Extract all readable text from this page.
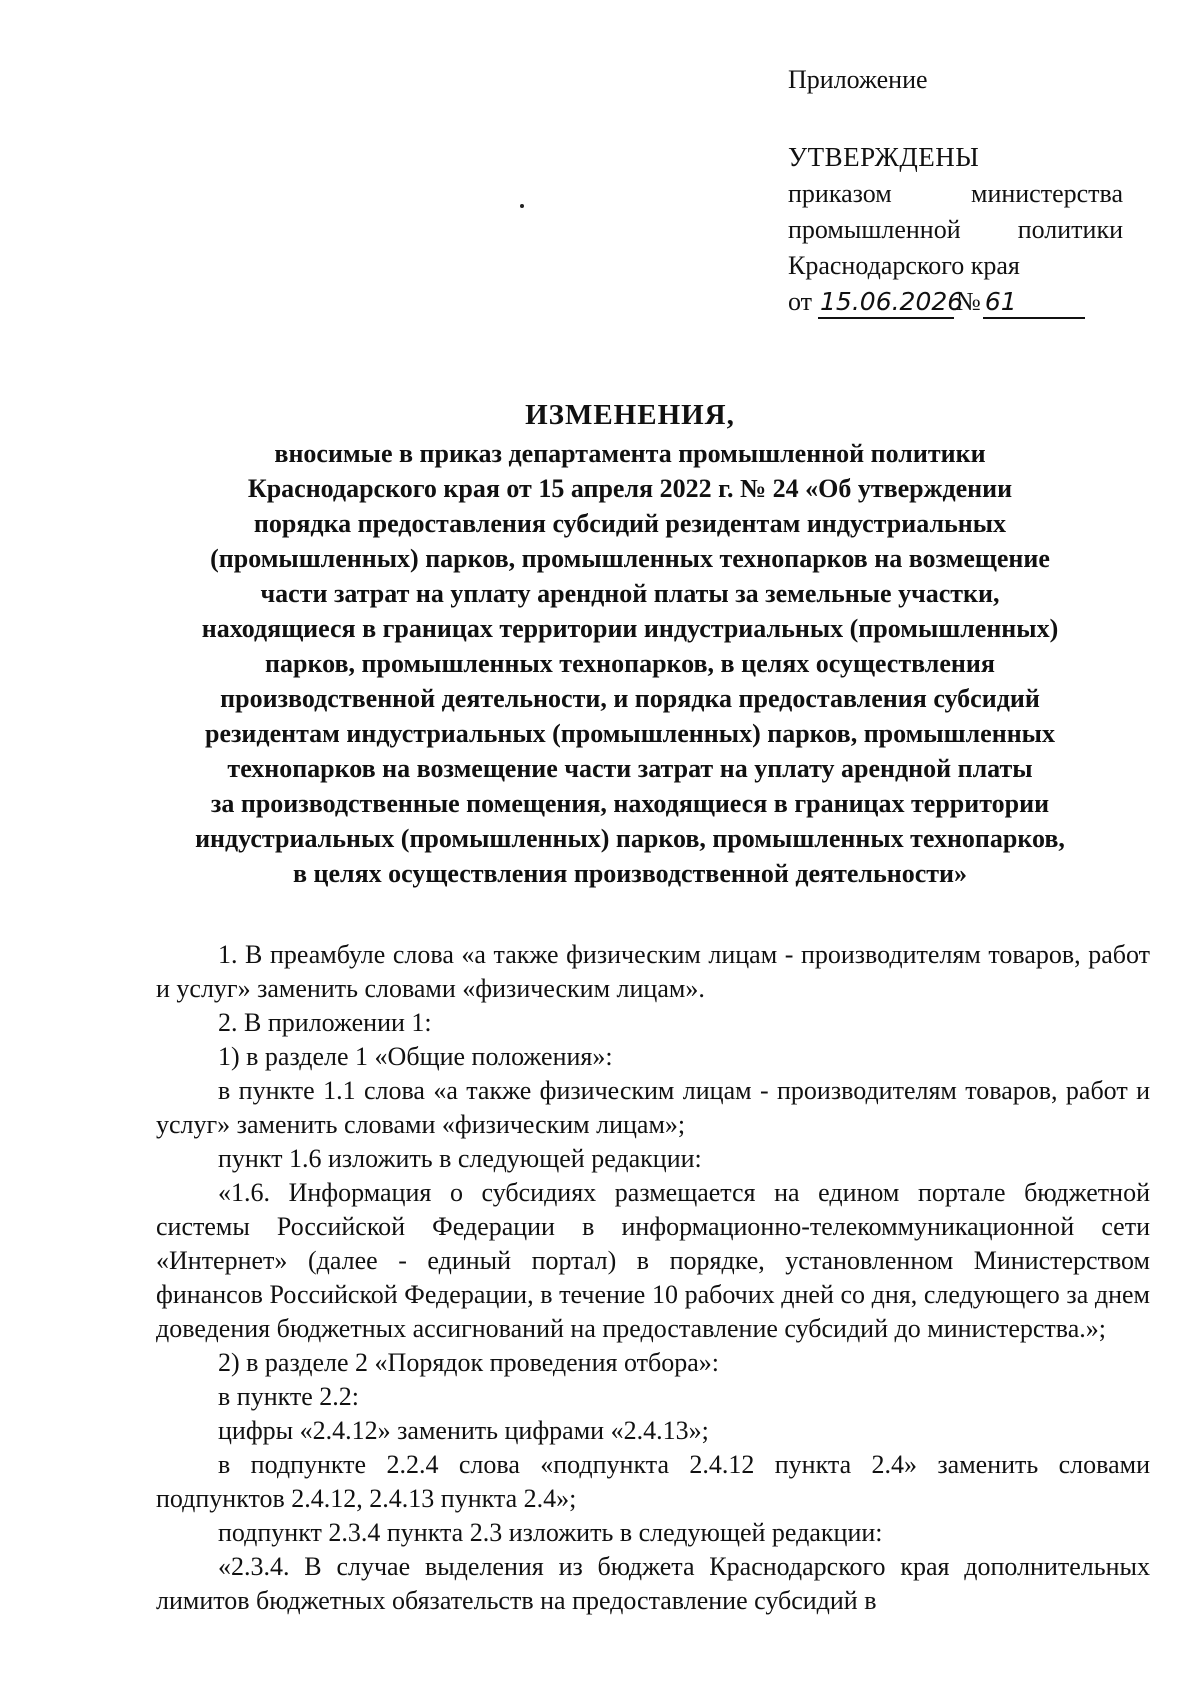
Приложение
УТВЕРЖДЕНЫ
приказом	министерства
промышленной политики
Краснодарского края
от 15.06.2026
№ 61
ИЗМЕНЕНИЯ,
вносимые в приказ департамента промышленной политики
Краснодарского края от 15 апреля 2022 г. № 24 «Об утверждении
порядка предоставления субсидий резидентам индустриальных
(промышленных) парков, промышленных технопарков на возмещение
части затрат на уплату арендной платы за земельные участки,
находящиеся в границах территории индустриальных (промышленных)
парков, промышленных технопарков, в целях осуществления
производственной деятельности, и порядка предоставления субсидий
резидентам индустриальных (промышленных) парков, промышленных
технопарков на возмещение части затрат на уплату арендной платы
за производственные помещения, находящиеся в границах территории
индустриальных (промышленных) парков, промышленных технопарков,
в целях осуществления производственной деятельности»

1. В преамбуле слова «а также физическим лицам - производителям товаров, работ и услуг» заменить словами «физическим лицам».

2. В приложении 1:

1) в разделе 1 «Общие положения»:

в пункте 1.1 слова «а также физическим лицам - производителям товаров, работ и услуг» заменить словами «физическим лицам»;

пункт 1.6 изложить в следующей редакции:

«1.6. Информация о субсидиях размещается на едином портале бюджетной системы Российской Федерации в информационно-телекоммуникационной сети «Интернет» (далее - единый портал) в порядке, установленном Министерством финансов Российской Федерации, в течение 10 рабочих дней со дня, следующего за днем доведения бюджетных ассигнований на предоставление субсидий до министерства.»;

2) в разделе 2 «Порядок проведения отбора»:

в пункте 2.2:

цифры «2.4.12» заменить цифрами «2.4.13»;

в подпункте 2.2.4 слова «подпункта 2.4.12 пункта 2.4» заменить словами подпунктов 2.4.12, 2.4.13 пункта 2.4»;

подпункт 2.3.4 пункта 2.3 изложить в следующей редакции:

«2.3.4. В случае выделения из бюджета Краснодарского края дополнительных лимитов бюджетных обязательств на предоставление субсидий в
